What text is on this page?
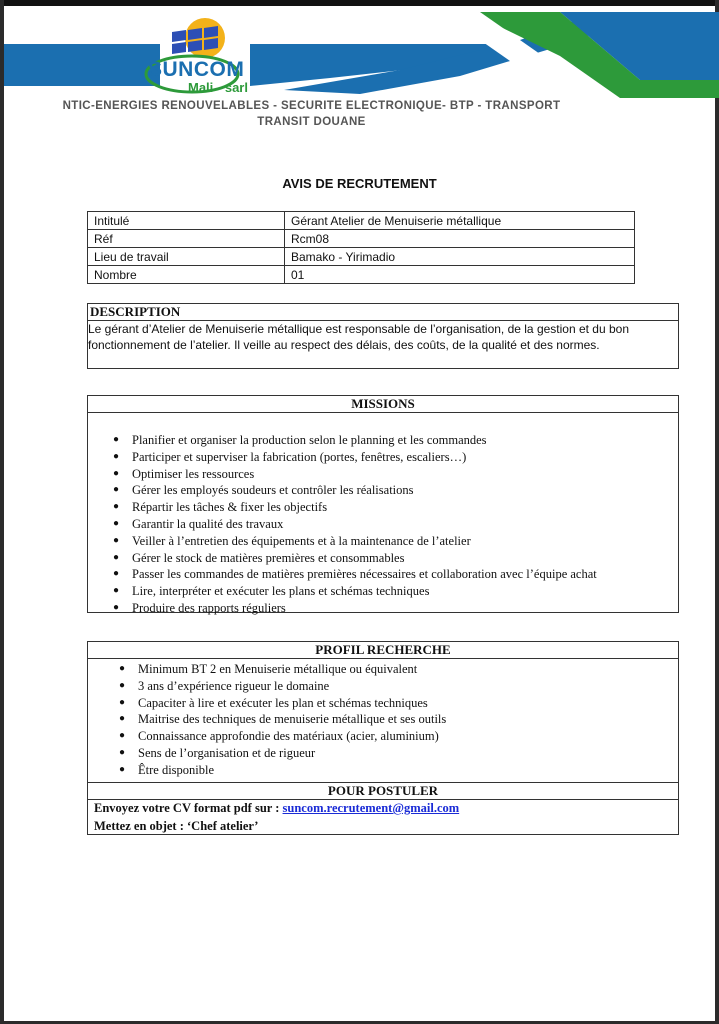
SUNCOM
Mali - sarl
NTIC-ENERGIES RENOUVELABLES - SECURITE ELECTRONIQUE- BTP - TRANSPORT
TRANSIT DOUANE
AVIS DE RECRUTEMENT
Intitulé	Gérant Atelier de Menuiserie métallique
Réf	Rcm08
Lieu de travail	Bamako - Yirimadio
Nombre	01
DESCRIPTION
Le gérant d’Atelier de Menuiserie métallique est responsable de l’organisation, de la gestion et du bon fonctionnement de l’atelier. Il veille au respect des délais, des coûts, de la qualité et des normes.
MISSIONS
● Planifier et organiser la production selon le planning et les commandes
● Participer et superviser la fabrication (portes, fenêtres, escaliers…)
● Optimiser les ressources
● Gérer les employés soudeurs et contrôler les réalisations
● Répartir les tâches & fixer les objectifs
● Garantir la qualité des travaux
● Veiller à l’entretien des équipements et à la maintenance de l’atelier
● Gérer le stock de matières premières et consommables
● Passer les commandes de matières premières nécessaires et collaboration avec l’équipe achat
● Lire, interpréter et exécuter les plans et schémas techniques
● Produire des rapports réguliers
PROFIL RECHERCHE
● Minimum BT 2 en Menuiserie métallique ou équivalent
● 3 ans d’expérience rigueur le domaine
● Capaciter à lire et exécuter les plan et schémas techniques
● Maitrise des techniques de menuiserie métallique et ses outils
● Connaissance approfondie des matériaux (acier, aluminium)
● Sens de l’organisation et de rigueur
● Être disponible
POUR POSTULER
Envoyez votre CV format pdf sur : suncom.recrutement@gmail.com
Mettez en objet : ‘Chef atelier’
